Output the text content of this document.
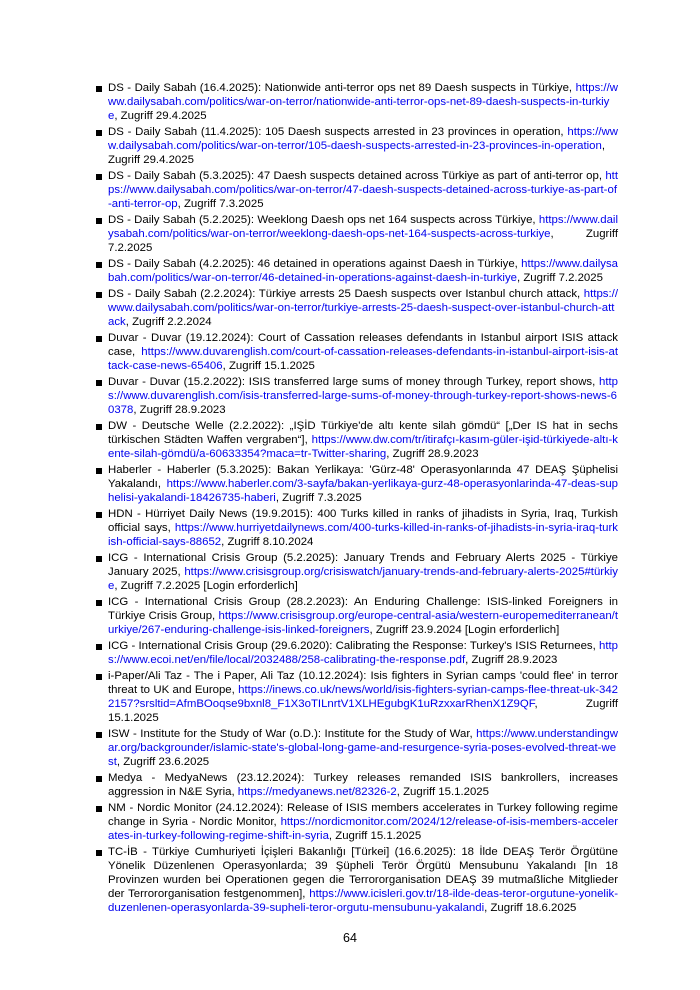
DS - Daily Sabah (16.4.2025): Nationwide anti-terror ops net 89 Daesh suspects in Türkiye, https://www.dailysabah.com/politics/war-on-terror/nationwide-anti-terror-ops-net-89-daesh-suspects-in-turkiye, Zugriff 29.4.2025
DS - Daily Sabah (11.4.2025): 105 Daesh suspects arrested in 23 provinces in operation, https://www.dailysabah.com/politics/war-on-terror/105-daesh-suspects-arrested-in-23-provinces-in-operation, Zugriff 29.4.2025
DS - Daily Sabah (5.3.2025): 47 Daesh suspects detained across Türkiye as part of anti-terror op, https://www.dailysabah.com/politics/war-on-terror/47-daesh-suspects-detained-across-turkiye-as-part-of-anti-terror-op, Zugriff 7.3.2025
DS - Daily Sabah (5.2.2025): Weeklong Daesh ops net 164 suspects across Türkiye, https://www.dailysabah.com/politics/war-on-terror/weeklong-daesh-ops-net-164-suspects-across-turkiye, Zugriff 7.2.2025
DS - Daily Sabah (4.2.2025): 46 detained in operations against Daesh in Türkiye, https://www.dailysabah.com/politics/war-on-terror/46-detained-in-operations-against-daesh-in-turkiye, Zugriff 7.2.2025
DS - Daily Sabah (2.2.2024): Türkiye arrests 25 Daesh suspects over Istanbul church attack, https://www.dailysabah.com/politics/war-on-terror/turkiye-arrests-25-daesh-suspect-over-istanbul-church-attack, Zugriff 2.2.2024
Duvar - Duvar (19.12.2024): Court of Cassation releases defendants in Istanbul airport ISIS attack case, https://www.duvarenglish.com/court-of-cassation-releases-defendants-in-istanbul-airport-isis-attack-case-news-65406, Zugriff 15.1.2025
Duvar - Duvar (15.2.2022): ISIS transferred large sums of money through Turkey, report shows, https://www.duvarenglish.com/isis-transferred-large-sums-of-money-through-turkey-report-shows-news-60378, Zugriff 28.9.2023
DW - Deutsche Welle (2.2.2022): „IŞİD Türkiye'de altı kente silah gömdü“ [„Der IS hat in sechs türkischen Städten Waffen vergraben“], https://www.dw.com/tr/itirafçı-kasım-güler-işid-türkiyede-altı-kente-silah-gömdü/a-60633354?maca=tr-Twitter-sharing, Zugriff 28.9.2023
Haberler - Haberler (5.3.2025): Bakan Yerlikaya: 'Gürz-48' Operasyonlarında 47 DEAŞ Şüphelisi Yakalandı, https://www.haberler.com/3-sayfa/bakan-yerlikaya-gurz-48-operasyonlarinda-47-deas-suphelisi-yakalandi-18426735-haberi, Zugriff 7.3.2025
HDN - Hürriyet Daily News (19.9.2015): 400 Turks killed in ranks of jihadists in Syria, Iraq, Turkish official says, https://www.hurriyetdailynews.com/400-turks-killed-in-ranks-of-jihadists-in-syria-iraq-turkish-official-says-88652, Zugriff 8.10.2024
ICG - International Crisis Group (5.2.2025): January Trends and February Alerts 2025 - Türkiye January 2025, https://www.crisisgroup.org/crisiswatch/january-trends-and-february-alerts-2025#türkiye, Zugriff 7.2.2025 [Login erforderlich]
ICG - International Crisis Group (28.2.2023): An Enduring Challenge: ISIS-linked Foreigners in Türkiye Crisis Group, https://www.crisisgroup.org/europe-central-asia/western-europemediterranean/turkiye/267-enduring-challenge-isis-linked-foreigners, Zugriff 23.9.2024 [Login erforderlich]
ICG - International Crisis Group (29.6.2020): Calibrating the Response: Turkey's ISIS Returnees, https://www.ecoi.net/en/file/local/2032488/258-calibrating-the-response.pdf, Zugriff 28.9.2023
i-Paper/Ali Taz - The i Paper, Ali Taz (10.12.2024): Isis fighters in Syrian camps 'could flee' in terror threat to UK and Europe, https://inews.co.uk/news/world/isis-fighters-syrian-camps-flee-threat-uk-3422157?srsltid=AfmBOoqse9bxnl8_F1X3oTILnrtV1XLHEgubgK1uRzxxarRhenX1Z9QF, Zugriff 15.1.2025
ISW - Institute for the Study of War (o.D.): Institute for the Study of War, https://www.understandingwar.org/backgrounder/islamic-state's-global-long-game-and-resurgence-syria-poses-evolved-threat-west, Zugriff 23.6.2025
Medya - MedyaNews (23.12.2024): Turkey releases remanded ISIS bankrollers, increases aggression in N&E Syria, https://medyanews.net/82326-2, Zugriff 15.1.2025
NM - Nordic Monitor (24.12.2024): Release of ISIS members accelerates in Turkey following regime change in Syria - Nordic Monitor, https://nordicmonitor.com/2024/12/release-of-isis-members-accelerates-in-turkey-following-regime-shift-in-syria, Zugriff 15.1.2025
TC-İB - Türkiye Cumhuriyeti İçişleri Bakanlığı [Türkei] (16.6.2025): 18 İlde DEAŞ Terör Örgütüne Yönelik Düzenlenen Operasyonlarda; 39 Şüpheli Terör Örgütü Mensubunu Yakalandı [In 18 Provinzen wurden bei Operationen gegen die Terrororganisation DEAŞ 39 mutmaßliche Mitglieder der Terrororganisation festgenommen], https://www.icisleri.gov.tr/18-ilde-deas-teror-orgutune-yonelik-duzenlenen-operasyonlarda-39-supheli-teror-orgutu-mensubunu-yakalandi, Zugriff 18.6.2025
64
